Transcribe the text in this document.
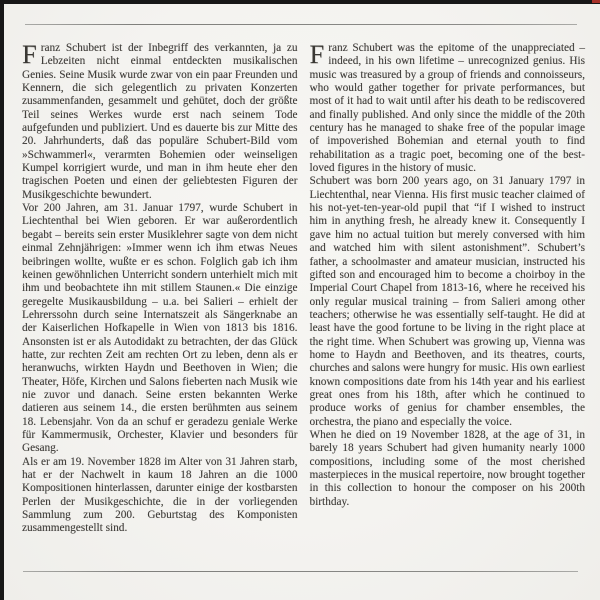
Franz Schubert ist der Inbegriff des verkannten, ja zu Lebzeiten nicht einmal entdeckten musikalischen Genies. Seine Musik wurde zwar von ein paar Freunden und Kennern, die sich gelegentlich zu privaten Konzerten zusammenfanden, gesammelt und gehütet, doch der größte Teil seines Werkes wurde erst nach seinem Tode aufgefunden und publiziert. Und es dauerte bis zur Mitte des 20. Jahrhunderts, daß das populäre Schubert-Bild vom »Schwammerl«, verarmten Bohemien oder weinseligen Kumpel korrigiert wurde, und man in ihm heute eher den tragischen Poeten und einen der geliebtesten Figuren der Musikgeschichte bewundert.

Vor 200 Jahren, am 31. Januar 1797, wurde Schubert in Liechtenthal bei Wien geboren. Er war außerordentlich begabt – bereits sein erster Musiklehrer sagte von dem nicht einmal Zehnjährigen: »Immer wenn ich ihm etwas Neues beibringen wollte, wußte er es schon. Folglich gab ich ihm keinen gewöhnlichen Unterricht sondern unterhielt mich mit ihm und beobachtete ihn mit stillem Staunen.« Die einzige geregelte Musikausbildung – u.a. bei Salieri – erhielt der Lehrerssohn durch seine Internatszeit als Sängerknabe an der Kaiserlichen Hofkapelle in Wien von 1813 bis 1816. Ansonsten ist er als Autodidakt zu betrachten, der das Glück hatte, zur rechten Zeit am rechten Ort zu leben, denn als er heranwuchs, wirkten Haydn und Beethoven in Wien; die Theater, Höfe, Kirchen und Salons fieberten nach Musik wie nie zuvor und danach. Seine ersten bekannten Werke datieren aus seinem 14., die ersten berühmten aus seinem 18. Lebensjahr. Von da an schuf er geradezu geniale Werke für Kammermusik, Orchester, Klavier und besonders für Gesang.

Als er am 19. November 1828 im Alter von 31 Jahren starb, hat er der Nachwelt in kaum 18 Jahren an die 1000 Kompositionen hinterlassen, darunter einige der kostbarsten Perlen der Musikgeschichte, die in der vorliegenden Sammlung zum 200. Geburtstag des Komponisten zusammengestellt sind.

Franz Schubert was the epitome of the unappreciated – indeed, in his own lifetime – unrecognized genius. His music was treasured by a group of friends and connoisseurs, who would gather together for private performances, but most of it had to wait until after his death to be rediscovered and finally published. And only since the middle of the 20th century has he managed to shake free of the popular image of impoverished Bohemian and eternal youth to find rehabilitation as a tragic poet, becoming one of the best-loved figures in the history of music.

Schubert was born 200 years ago, on 31 January 1797 in Liechtenthal, near Vienna. His first music teacher claimed of his not-yet-ten-year-old pupil that “if I wished to instruct him in anything fresh, he already knew it. Consequently I gave him no actual tuition but merely conversed with him and watched him with silent astonishment”. Schubert’s father, a schoolmaster and amateur musician, instructed his gifted son and encouraged him to become a choirboy in the Imperial Court Chapel from 1813-16, where he received his only regular musical training – from Salieri among other teachers; otherwise he was essentially self-taught. He did at least have the good fortune to be living in the right place at the right time. When Schubert was growing up, Vienna was home to Haydn and Beethoven, and its theatres, courts, churches and salons were hungry for music. His own earliest known compositions date from his 14th year and his earliest great ones from his 18th, after which he continued to produce works of genius for chamber ensembles, the orchestra, the piano and especially the voice.

When he died on 19 November 1828, at the age of 31, in barely 18 years Schubert had given humanity nearly 1000 compositions, including some of the most cherished masterpieces in the musical repertoire, now brought together in this collection to honour the composer on his 200th birthday.
